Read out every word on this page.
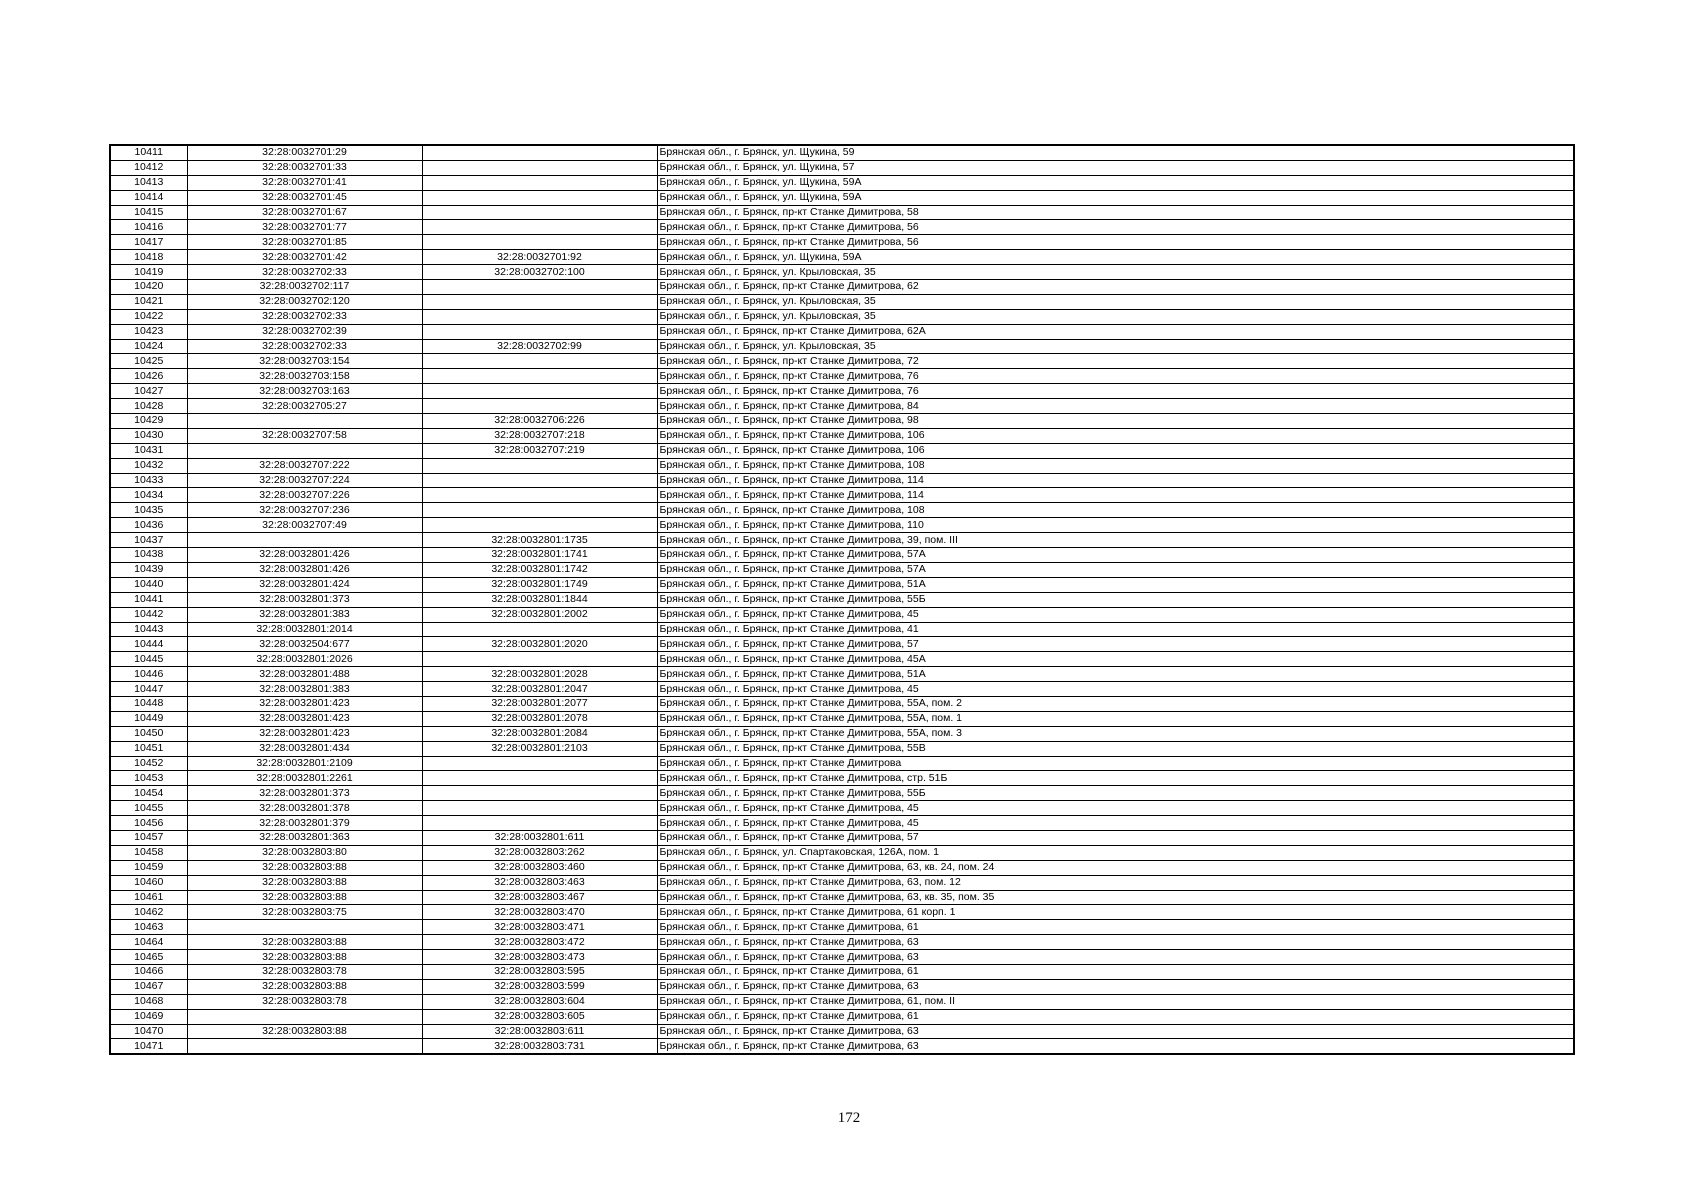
10411	32:28:0032701:29		Брянская обл., г. Брянск, ул. Щукина, 59
10412	32:28:0032701:33		Брянская обл., г. Брянск, ул. Щукина, 57
10413	32:28:0032701:41		Брянская обл., г. Брянск, ул. Щукина, 59А
10414	32:28:0032701:45		Брянская обл., г. Брянск, ул. Щукина, 59А
10415	32:28:0032701:67		Брянская обл., г. Брянск, пр-кт Станке Димитрова, 58
10416	32:28:0032701:77		Брянская обл., г. Брянск, пр-кт Станке Димитрова, 56
10417	32:28:0032701:85		Брянская обл., г. Брянск, пр-кт Станке Димитрова, 56
10418	32:28:0032701:42	32:28:0032701:92	Брянская обл., г. Брянск, ул. Щукина, 59А
10419	32:28:0032702:33	32:28:0032702:100	Брянская обл., г. Брянск, ул. Крыловская, 35
10420	32:28:0032702:117		Брянская обл., г. Брянск, пр-кт Станке Димитрова, 62
10421	32:28:0032702:120		Брянская обл., г. Брянск, ул. Крыловская, 35
10422	32:28:0032702:33		Брянская обл., г. Брянск, ул. Крыловская, 35
10423	32:28:0032702:39		Брянская обл., г. Брянск, пр-кт Станке Димитрова, 62А
10424	32:28:0032702:33	32:28:0032702:99	Брянская обл., г. Брянск, ул. Крыловская, 35
10425	32:28:0032703:154		Брянская обл., г. Брянск, пр-кт Станке Димитрова, 72
10426	32:28:0032703:158		Брянская обл., г. Брянск, пр-кт Станке Димитрова, 76
10427	32:28:0032703:163		Брянская обл., г. Брянск, пр-кт Станке Димитрова, 76
10428	32:28:0032705:27		Брянская обл., г. Брянск, пр-кт Станке Димитрова, 84
10429		32:28:0032706:226	Брянская обл., г. Брянск, пр-кт Станке Димитрова, 98
10430	32:28:0032707:58	32:28:0032707:218	Брянская обл., г. Брянск, пр-кт Станке Димитрова, 106
10431		32:28:0032707:219	Брянская обл., г. Брянск, пр-кт Станке Димитрова, 106
10432	32:28:0032707:222		Брянская обл., г. Брянск, пр-кт Станке Димитрова, 108
10433	32:28:0032707:224		Брянская обл., г. Брянск, пр-кт Станке Димитрова, 114
10434	32:28:0032707:226		Брянская обл., г. Брянск, пр-кт Станке Димитрова, 114
10435	32:28:0032707:236		Брянская обл., г. Брянск, пр-кт Станке Димитрова, 108
10436	32:28:0032707:49		Брянская обл., г. Брянск, пр-кт Станке Димитрова, 110
10437		32:28:0032801:1735	Брянская обл., г. Брянск, пр-кт Станке Димитрова, 39, пом. III
10438	32:28:0032801:426	32:28:0032801:1741	Брянская обл., г. Брянск, пр-кт Станке Димитрова, 57А
10439	32:28:0032801:426	32:28:0032801:1742	Брянская обл., г. Брянск, пр-кт Станке Димитрова, 57А
10440	32:28:0032801:424	32:28:0032801:1749	Брянская обл., г. Брянск, пр-кт Станке Димитрова, 51А
10441	32:28:0032801:373	32:28:0032801:1844	Брянская обл., г. Брянск, пр-кт Станке Димитрова, 55Б
10442	32:28:0032801:383	32:28:0032801:2002	Брянская обл., г. Брянск, пр-кт Станке Димитрова, 45
10443	32:28:0032801:2014		Брянская обл., г. Брянск, пр-кт Станке Димитрова, 41
10444	32:28:0032504:677	32:28:0032801:2020	Брянская обл., г. Брянск, пр-кт Станке Димитрова, 57
10445	32:28:0032801:2026		Брянская обл., г. Брянск, пр-кт Станке Димитрова, 45А
10446	32:28:0032801:488	32:28:0032801:2028	Брянская обл., г. Брянск, пр-кт Станке Димитрова, 51А
10447	32:28:0032801:383	32:28:0032801:2047	Брянская обл., г. Брянск, пр-кт Станке Димитрова, 45
10448	32:28:0032801:423	32:28:0032801:2077	Брянская обл., г. Брянск, пр-кт Станке Димитрова, 55А, пом. 2
10449	32:28:0032801:423	32:28:0032801:2078	Брянская обл., г. Брянск, пр-кт Станке Димитрова, 55А, пом. 1
10450	32:28:0032801:423	32:28:0032801:2084	Брянская обл., г. Брянск, пр-кт Станке Димитрова, 55А, пом. 3
10451	32:28:0032801:434	32:28:0032801:2103	Брянская обл., г. Брянск, пр-кт Станке Димитрова, 55В
10452	32:28:0032801:2109		Брянская обл., г. Брянск, пр-кт Станке Димитрова
10453	32:28:0032801:2261		Брянская обл., г. Брянск, пр-кт Станке Димитрова, стр. 51Б
10454	32:28:0032801:373		Брянская обл., г. Брянск, пр-кт Станке Димитрова, 55Б
10455	32:28:0032801:378		Брянская обл., г. Брянск, пр-кт Станке Димитрова, 45
10456	32:28:0032801:379		Брянская обл., г. Брянск, пр-кт Станке Димитрова, 45
10457	32:28:0032801:363	32:28:0032801:611	Брянская обл., г. Брянск, пр-кт Станке Димитрова, 57
10458	32:28:0032803:80	32:28:0032803:262	Брянская обл., г. Брянск, ул. Спартаковская, 126А, пом. 1
10459	32:28:0032803:88	32:28:0032803:460	Брянская обл., г. Брянск, пр-кт Станке Димитрова, 63, кв. 24, пом. 24
10460	32:28:0032803:88	32:28:0032803:463	Брянская обл., г. Брянск, пр-кт Станке Димитрова, 63, пом. 12
10461	32:28:0032803:88	32:28:0032803:467	Брянская обл., г. Брянск, пр-кт Станке Димитрова, 63, кв. 35, пом. 35
10462	32:28:0032803:75	32:28:0032803:470	Брянская обл., г. Брянск, пр-кт Станке Димитрова, 61 корп. 1
10463		32:28:0032803:471	Брянская обл., г. Брянск, пр-кт Станке Димитрова, 61
10464	32:28:0032803:88	32:28:0032803:472	Брянская обл., г. Брянск, пр-кт Станке Димитрова, 63
10465	32:28:0032803:88	32:28:0032803:473	Брянская обл., г. Брянск, пр-кт Станке Димитрова, 63
10466	32:28:0032803:78	32:28:0032803:595	Брянская обл., г. Брянск, пр-кт Станке Димитрова, 61
10467	32:28:0032803:88	32:28:0032803:599	Брянская обл., г. Брянск, пр-кт Станке Димитрова, 63
10468	32:28:0032803:78	32:28:0032803:604	Брянская обл., г. Брянск, пр-кт Станке Димитрова, 61, пом. II
10469		32:28:0032803:605	Брянская обл., г. Брянск, пр-кт Станке Димитрова, 61
10470	32:28:0032803:88	32:28:0032803:611	Брянская обл., г. Брянск, пр-кт Станке Димитрова, 63
10471		32:28:0032803:731	Брянская обл., г. Брянск, пр-кт Станке Димитрова, 63
172
